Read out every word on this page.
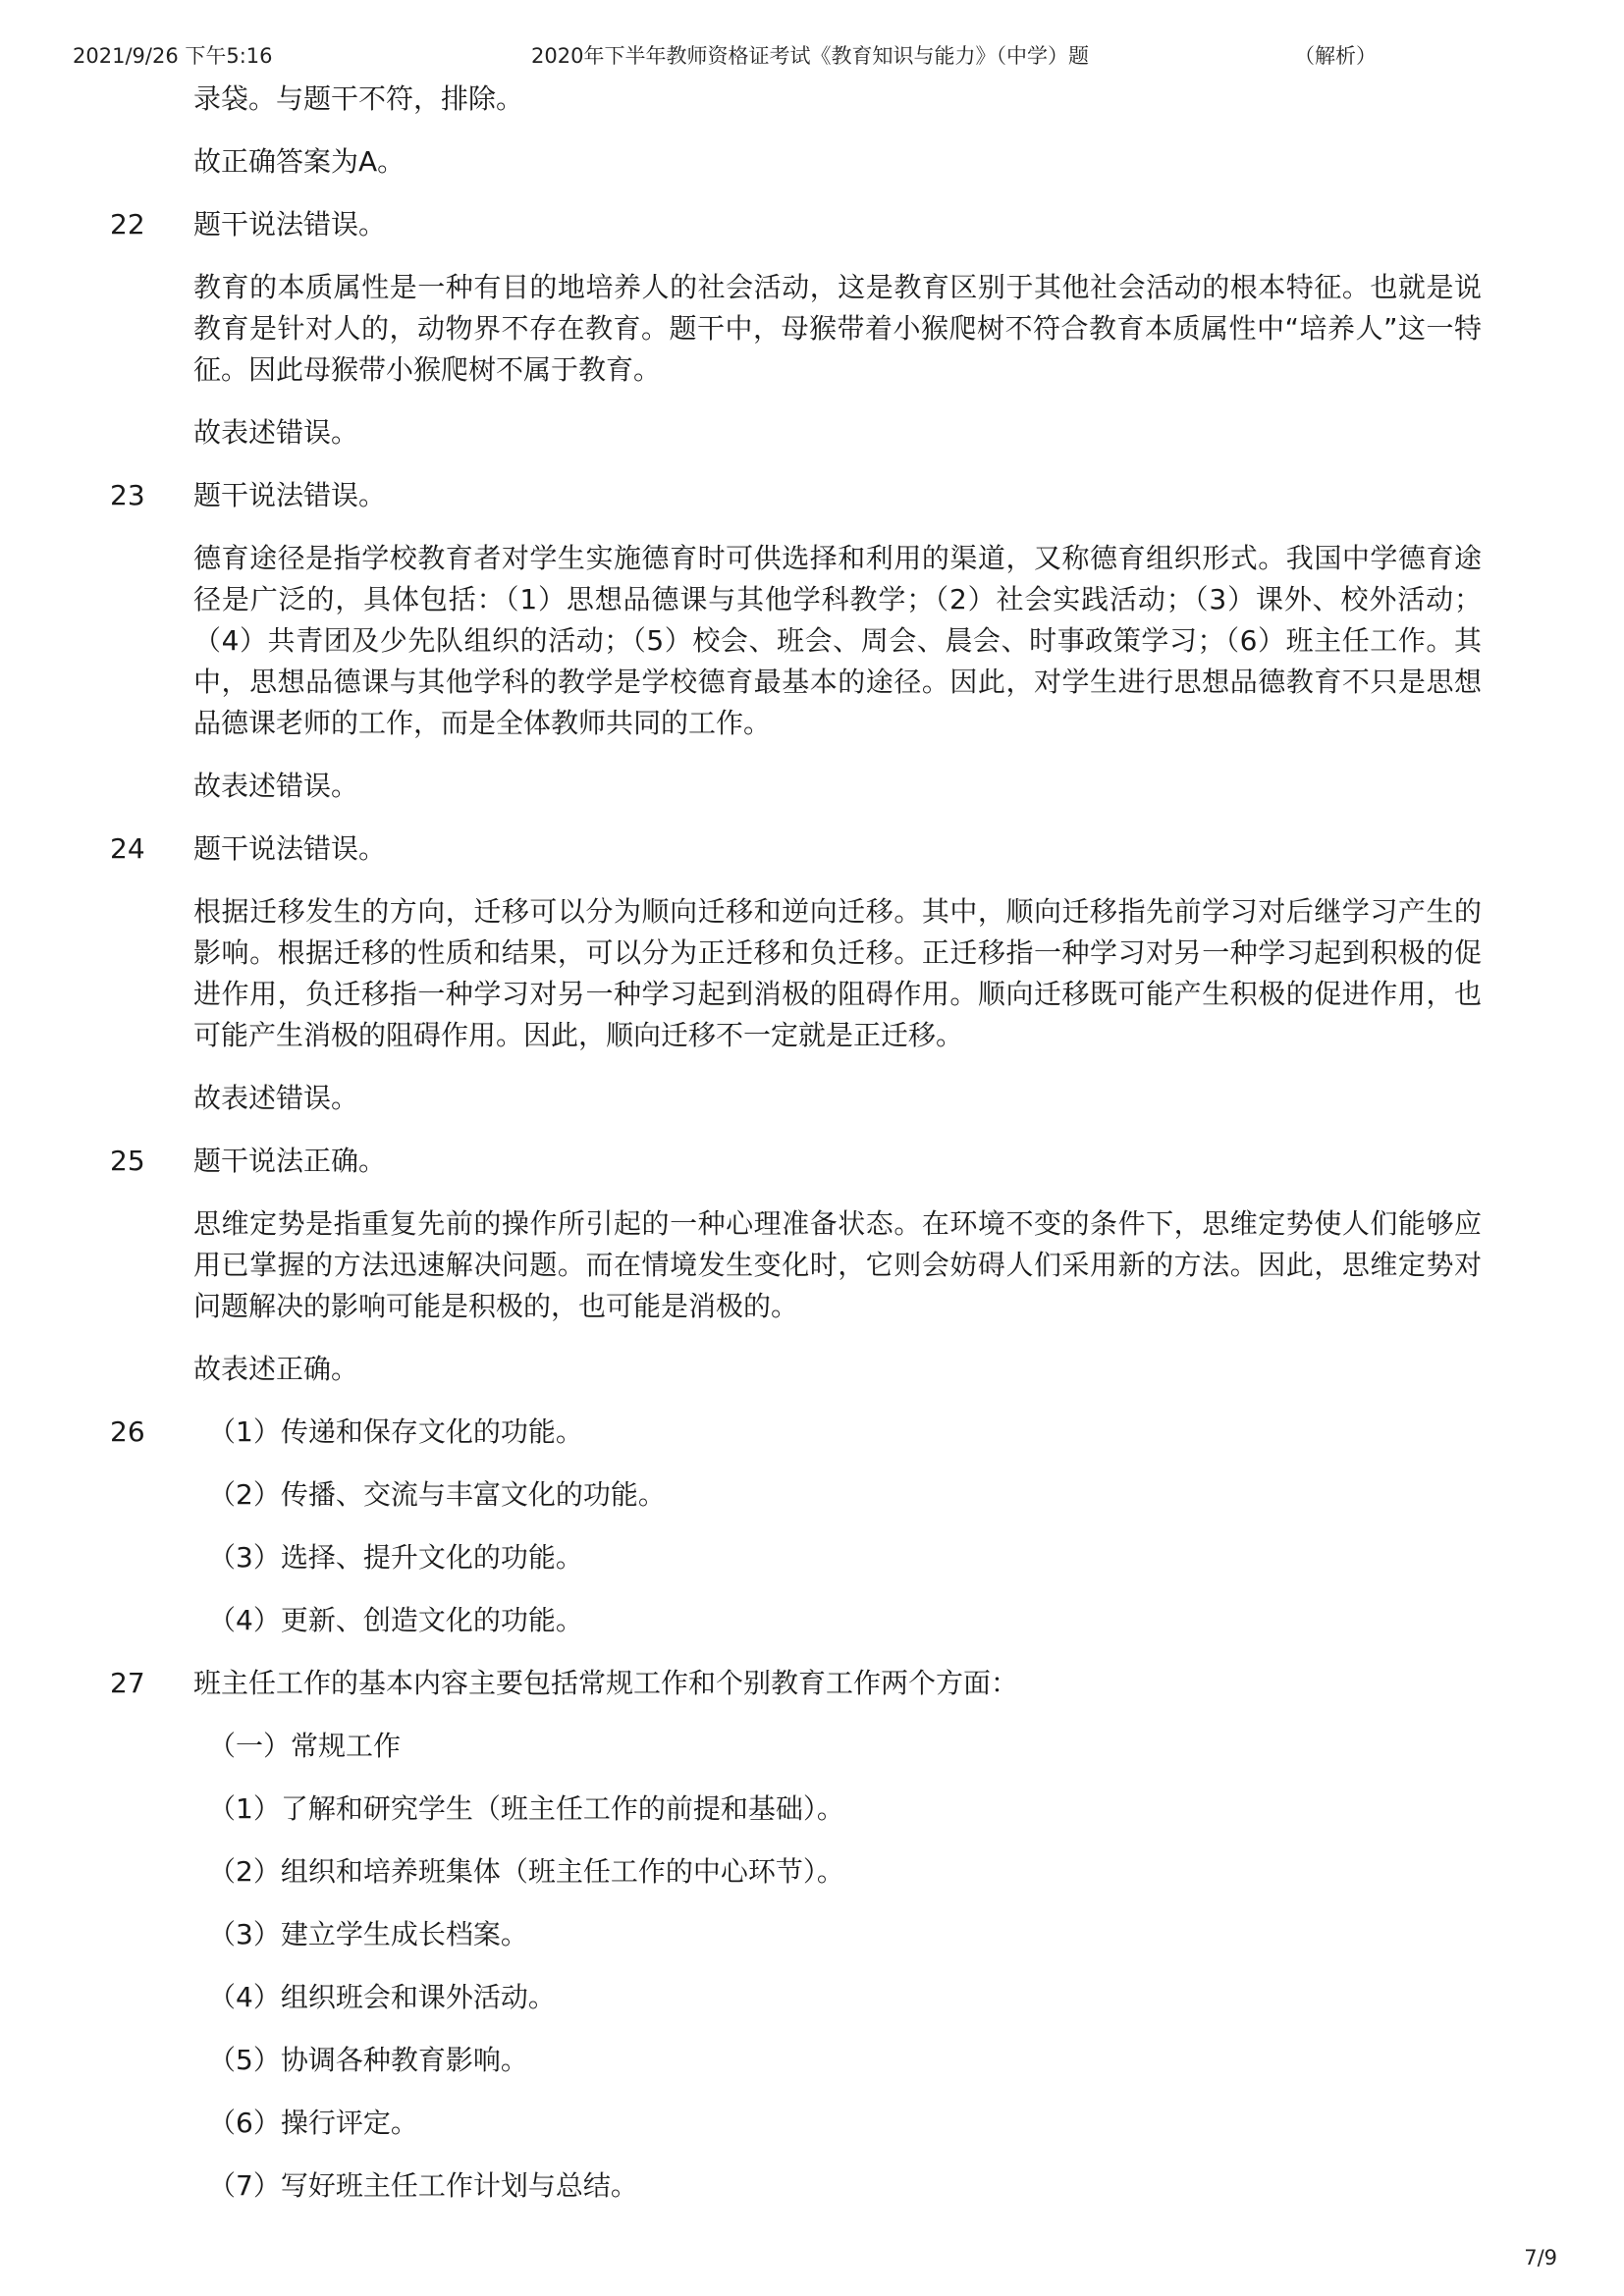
2021/9/26 下午5:16	2020年下半年教师资格证考试《教育知识与能力》（中学）题	（解析）
录袋。与题干不符，排除。
故正确答案为A。
22 题干说法错误。
教育的本质属性是一种有目的地培养人的社会活动，这是教育区别于其他社会活动的根本特征。也就是说教育是针对人的，动物界不存在教育。题干中，母猴带着小猴爬树不符合教育本质属性中“培养人”这一特征。因此母猴带小猴爬树不属于教育。
故表述错误。
23 题干说法错误。
德育途径是指学校教育者对学生实施德育时可供选择和利用的渠道，又称德育组织形式。我国中学德育途径是广泛的，具体包括：（1）思想品德课与其他学科教学；（2）社会实践活动；（3）课外、校外活动；（4）共青团及少先队组织的活动；（5）校会、班会、周会、晨会、时事政策学习；（6）班主任工作。其中，思想品德课与其他学科的教学是学校德育最基本的途径。因此，对学生进行思想品德教育不只是思想品德课老师的工作，而是全体教师共同的工作。
故表述错误。
24 题干说法错误。
根据迁移发生的方向，迁移可以分为顺向迁移和逆向迁移。其中，顺向迁移指先前学习对后继学习产生的影响。根据迁移的性质和结果，可以分为正迁移和负迁移。正迁移指一种学习对另一种学习起到积极的促进作用，负迁移指一种学习对另一种学习起到消极的阻碍作用。顺向迁移既可能产生积极的促进作用，也可能产生消极的阻碍作用。因此，顺向迁移不一定就是正迁移。
故表述错误。
25 题干说法正确。
思维定势是指重复先前的操作所引起的一种心理准备状态。在环境不变的条件下，思维定势使人们能够应用已掌握的方法迅速解决问题。而在情境发生变化时，它则会妨碍人们采用新的方法。因此，思维定势对问题解决的影响可能是积极的，也可能是消极的。
故表述正确。
26 （1）传递和保存文化的功能。
（2）传播、交流与丰富文化的功能。
（3）选择、提升文化的功能。
（4）更新、创造文化的功能。
27 班主任工作的基本内容主要包括常规工作和个别教育工作两个方面：
（一）常规工作
（1）了解和研究学生（班主任工作的前提和基础）。
（2）组织和培养班集体（班主任工作的中心环节）。
（3）建立学生成长档案。
（4）组织班会和课外活动。
（5）协调各种教育影响。
（6）操行评定。
（7）写好班主任工作计划与总结。
7/9
